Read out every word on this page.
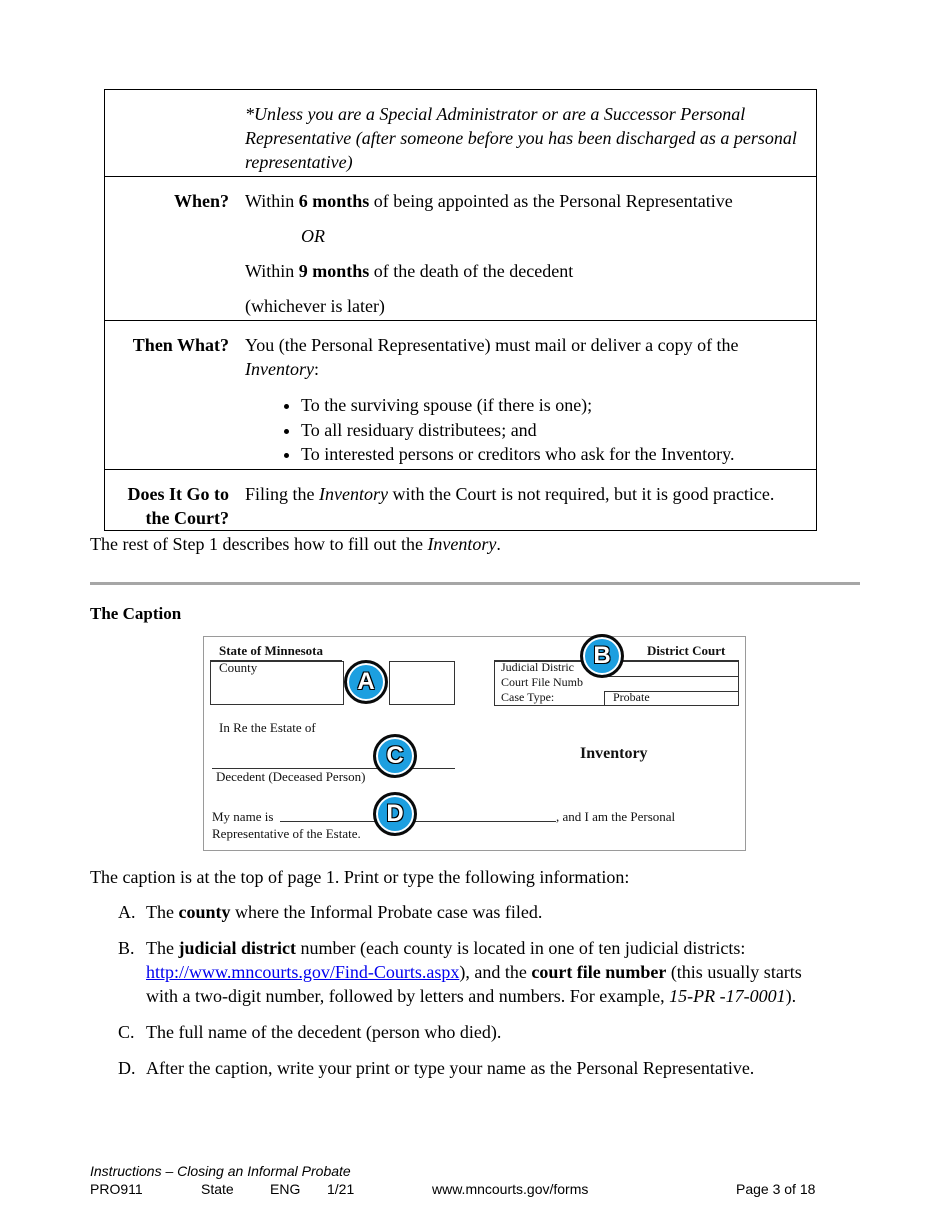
*Unless you are a Special Administrator or are a Successor Personal Representative (after someone before you has been discharged as a personal representative)
When? Within 6 months of being appointed as the Personal Representative

OR

Within 9 months of the death of the decedent

(whichever is later)

Then What? You (the Personal Representative) must mail or deliver a copy of the Inventory:

• To the surviving spouse (if there is one);
• To all residuary distributees; and
• To interested persons or creditors who ask for the Inventory.
Does It Go to
the Court?
Filing the Inventory with the Court is not required, but it is good practice.
The rest of Step 1 describes how to fill out the Inventory.
The Caption
State of Minnesota
County
District Court
Judicial Distric
Court File Numb
Case Type:	Probate
In Re the Estate of
Decedent (Deceased Person)
Inventory
My name is	, and I am the Personal
Representative of the Estate.
A
B
C
D
The caption is at the top of page 1. Print or type the following information:
A. The county where the Informal Probate case was filed.
B. The judicial district number (each county is located in one of ten judicial districts: http://www.mncourts.gov/Find-Courts.aspx), and the court file number (this usually starts with a two-digit number, followed by letters and numbers. For example, 15-PR -17-0001).
C. The full name of the decedent (person who died).
D. After the caption, write your print or type your name as the Personal Representative.
Instructions – Closing an Informal Probate
PRO911	State	ENG 1/21	www.mncourts.gov/forms	Page 3 of 18
